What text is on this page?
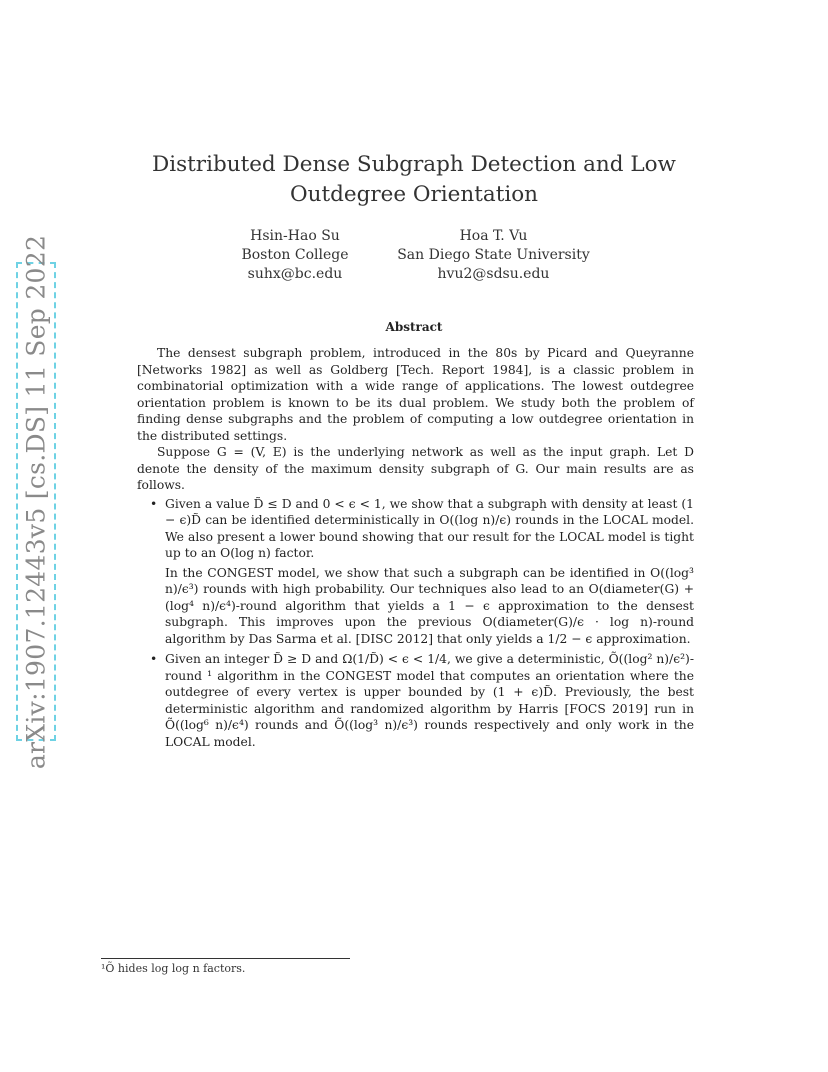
arXiv:1907.12443v5 [cs.DS] 11 Sep 2022
Distributed Dense Subgraph Detection and Low Outdegree Orientation
Hsin-Hao Su
Boston College
suhx@bc.edu
Hoa T. Vu
San Diego State University
hvu2@sdsu.edu
Abstract

The densest subgraph problem, introduced in the 80s by Picard and Queyranne [Networks 1982] as well as Goldberg [Tech. Report 1984], is a classic problem in combinatorial optimization with a wide range of applications. The lowest outdegree orientation problem is known to be its dual problem. We study both the problem of finding dense subgraphs and the problem of computing a low outdegree orientation in the distributed settings.

Suppose G = (V, E) is the underlying network as well as the input graph. Let D denote the density of the maximum density subgraph of G. Our main results are as follows.

• Given a value D̃ ≤ D and 0 < ϵ < 1, we show that a subgraph with density at least (1 − ϵ)D̃ can be identified deterministically in O((log n)/ϵ) rounds in the LOCAL model. We also present a lower bound showing that our result for the LOCAL model is tight up to an O(log n) factor.
In the CONGEST model, we show that such a subgraph can be identified in O((log³ n)/ϵ³) rounds with high probability. Our techniques also lead to an O(diameter(G) + (log⁴ n)/ϵ⁴)-round algorithm that yields a 1 − ϵ approximation to the densest subgraph. This improves upon the previous O(diameter(G)/ϵ · log n)-round algorithm by Das Sarma et al. [DISC 2012] that only yields a 1/2 − ϵ approximation.
• Given an integer D̃ ≥ D and Ω(1/D̃) < ϵ < 1/4, we give a deterministic, Õ((log² n)/ϵ²)-round ¹ algorithm in the CONGEST model that computes an orientation where the outdegree of every vertex is upper bounded by (1 + ϵ)D̃. Previously, the best deterministic algorithm and randomized algorithm by Harris [FOCS 2019] run in Õ((log⁶ n)/ϵ⁴) rounds and Õ((log³ n)/ϵ³) rounds respectively and only work in the LOCAL model.
¹Õ hides log log n factors.
